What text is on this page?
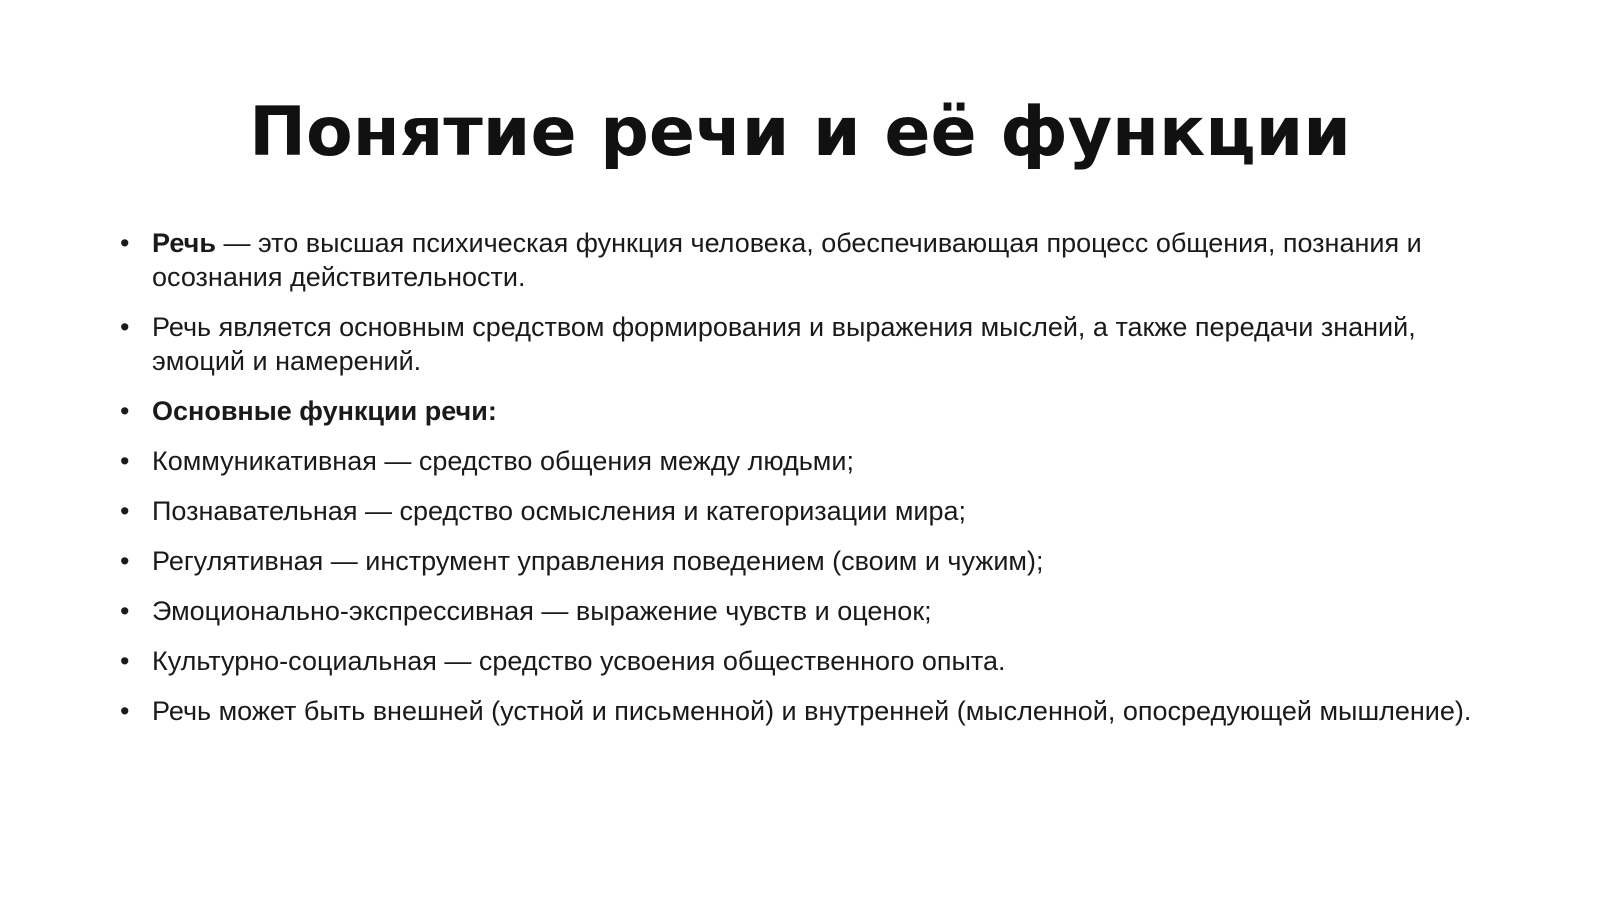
Понятие речи и её функции
• Речь — это высшая психическая функция человека, обеспечивающая процесс общения, познания и осознания действительности.
• Речь является основным средством формирования и выражения мыслей, а также передачи знаний, эмоций и намерений.
• Основные функции речи:
• Коммуникативная — средство общения между людьми;
• Познавательная — средство осмысления и категоризации мира;
• Регулятивная — инструмент управления поведением (своим и чужим);
• Эмоционально-экспрессивная — выражение чувств и оценок;
• Культурно-социальная — средство усвоения общественного опыта.
• Речь может быть внешней (устной и письменной) и внутренней (мысленной, опосредующей мышление).
